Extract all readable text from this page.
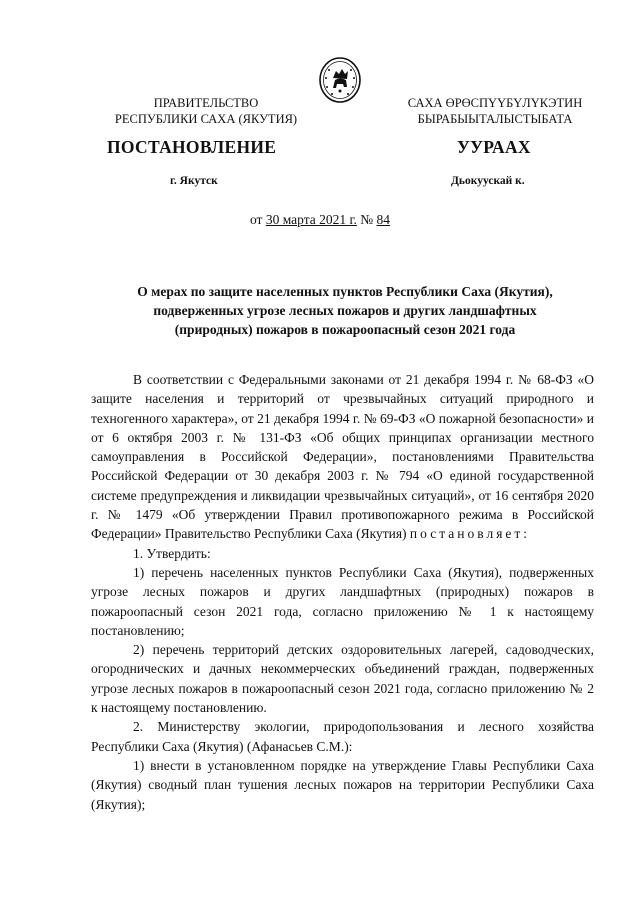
ПРАВИТЕЛЬСТВО
РЕСПУБЛИКИ САХА (ЯКУТИЯ)
САХА ӨРӨСПҮҮБҮЛҮКЭТИН
БЫРАБЫЫТАЛЫСТЫБАТА
ПОСТАНОВЛЕНИЕ	УУРААХ
г. Якутск	Дьокуускай к.
от 30 марта 2021 г. № 84
О мерах по защите населенных пунктов Республики Саха (Якутия),
подверженных угрозе лесных пожаров и других ландшафтных
(природных) пожаров в пожароопасный сезон 2021 года

В соответствии с Федеральными законами от 21 декабря 1994 г. № 68-ФЗ «О защите населения и территорий от чрезвычайных ситуаций природного и техногенного характера», от 21 декабря 1994 г. № 69-ФЗ «О пожарной безопасности» и от 6 октября 2003 г. № 131-ФЗ «Об общих принципах организации местного самоуправления в Российской Федерации», постановлениями Правительства Российской Федерации от 30 декабря 2003 г. № 794 «О единой государственной системе предупреждения и ликвидации чрезвычайных ситуаций», от 16 сентября 2020 г. № 1479 «Об утверждении Правил противопожарного режима в Российской Федерации» Правительство Республики Саха (Якутия) постановляет:

1. Утвердить:

1) перечень населенных пунктов Республики Саха (Якутия), подверженных угрозе лесных пожаров и других ландшафтных (природных) пожаров в пожароопасный сезон 2021 года, согласно приложению № 1 к настоящему постановлению;

2) перечень территорий детских оздоровительных лагерей, садоводческих, огороднических и дачных некоммерческих объединений граждан, подверженных угрозе лесных пожаров в пожароопасный сезон 2021 года, согласно приложению № 2 к настоящему постановлению.

2. Министерству экологии, природопользования и лесного хозяйства Республики Саха (Якутия) (Афанасьев С.М.):

1) внести в установленном порядке на утверждение Главы Республики Саха (Якутия) сводный план тушения лесных пожаров на территории Республики Саха (Якутия);
